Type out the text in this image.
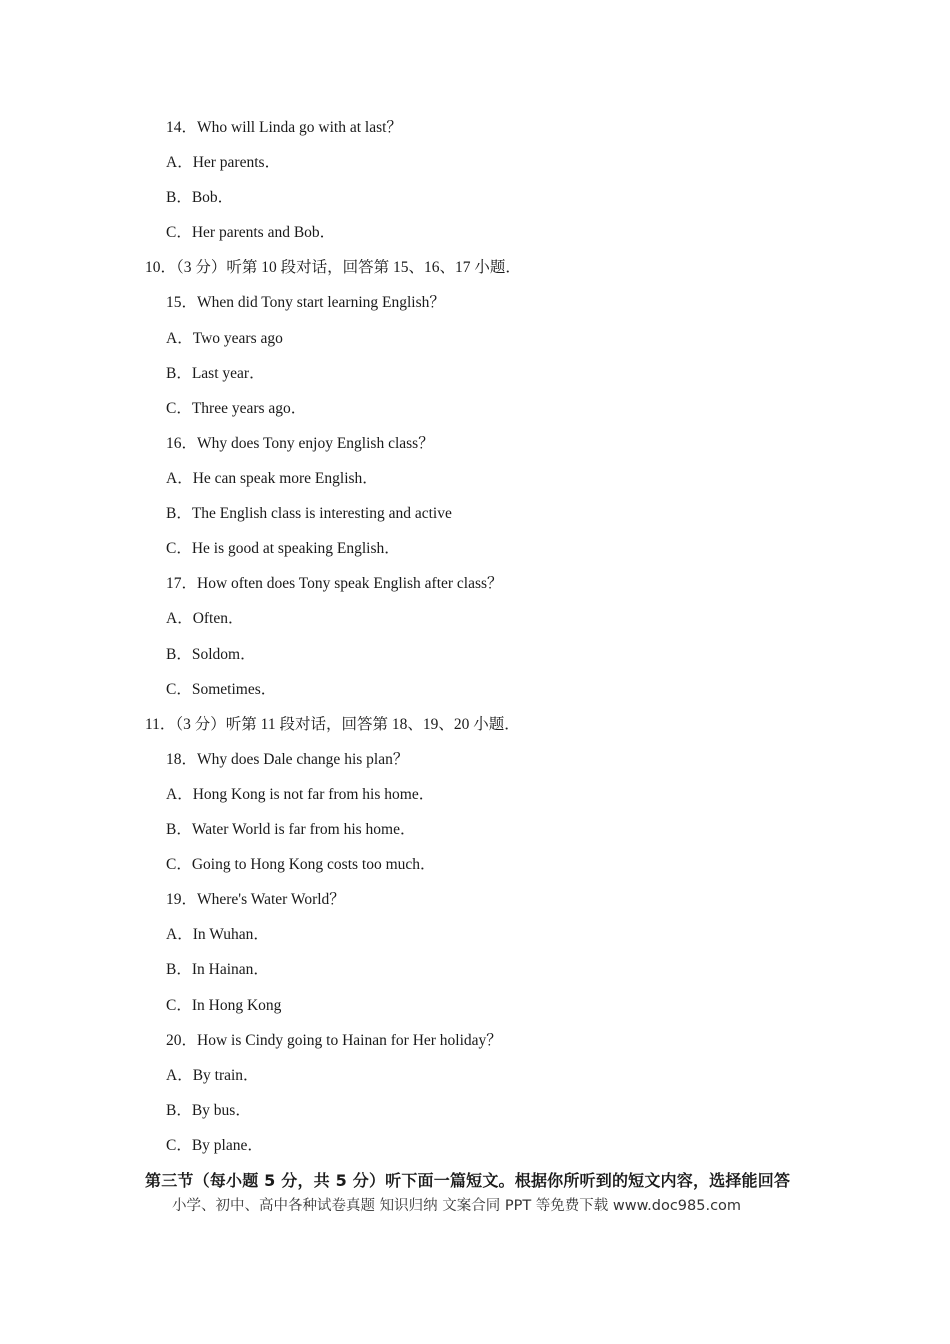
14．Who will Linda go with at last？
A．Her parents．
B．Bob．
C．Her parents and Bob．
10．（3 分）听第 10 段对话，回答第 15、16、17 小题．
15．When did Tony start learning English？
A．Two years ago
B．Last year．
C．Three years ago．
16．Why does Tony enjoy English class？
A．He can speak more English．
B．The English class is interesting and active
C．He is good at speaking English．
17．How often does Tony speak English after class？
A．Often．
B．Soldom．
C．Sometimes．
11．（3 分）听第 11 段对话，回答第 18、19、20 小题．
18．Why does Dale change his plan？
A．Hong Kong is not far from his home．
B．Water World is far from his home．
C．Going to Hong Kong costs too much．
19．Where's Water World？
A．In Wuhan．
B．In Hainan．
C．In Hong Kong
20．How is Cindy going to Hainan for Her holiday？
A．By train．
B．By bus．
C．By plane．
第三节（每小题 5 分，共 5 分）听下面一篇短文。根据你所听到的短文内容，选择能回答
小学、初中、高中各种试卷真题 知识归纳 文案合同 PPT 等免费下载 www.doc985.com
